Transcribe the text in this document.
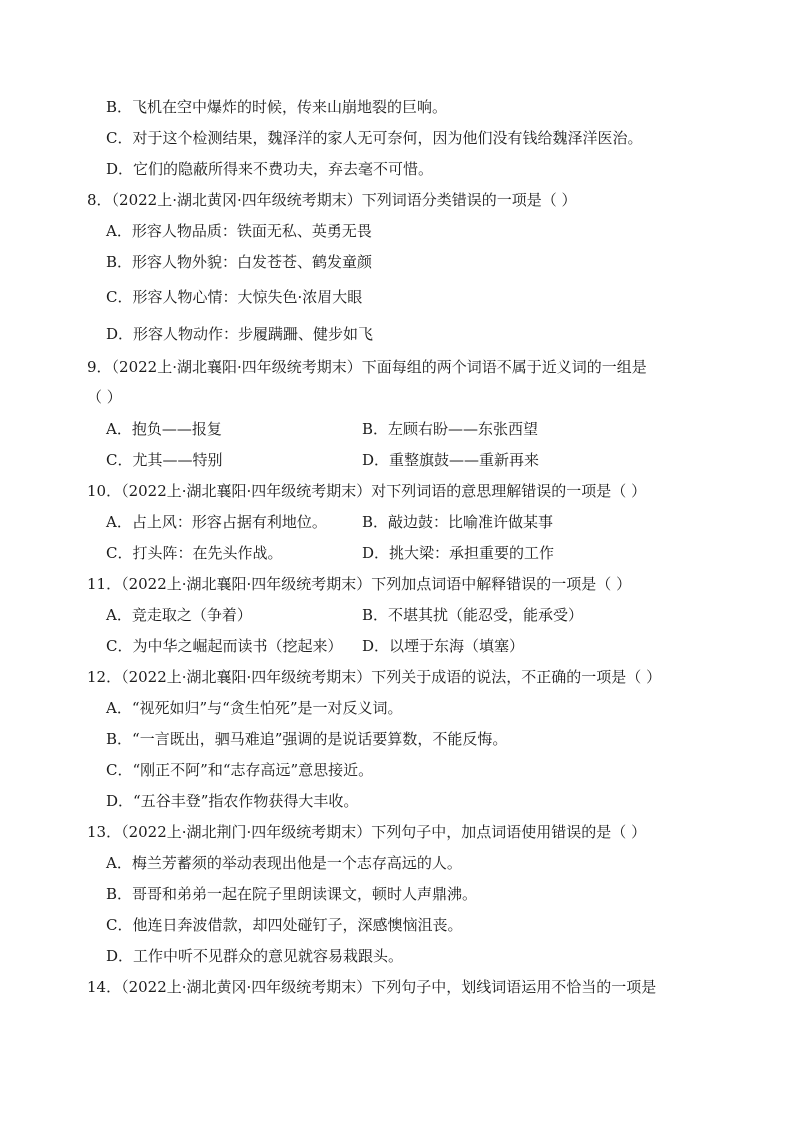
B．飞机在空中爆炸的时候，传来山崩地裂的巨响。
C．对于这个检测结果，魏泽洋的家人无可奈何，因为他们没有钱给魏泽洋医治。
D．它们的隐蔽所得来不费功夫，弃去毫不可惜。
8．（2022上·湖北黄冈·四年级统考期末）下列词语分类错误的一项是（ ）
A．形容人物品质：铁面无私、英勇无畏
B．形容人物外貌：白发苍苍、鹤发童颜
C．形容人物心情：大惊失色·浓眉大眼
D．形容人物动作：步履蹒跚、健步如飞
9．（2022上·湖北襄阳·四年级统考期末）下面每组的两个词语不属于近义词的一组是
（ ）
A．抱负——报复	B．左顾右盼——东张西望
C．尤其——特别	D．重整旗鼓——重新再来
10．（2022上·湖北襄阳·四年级统考期末）对下列词语的意思理解错误的一项是（ ）
A．占上风：形容占据有利地位。 B．敲边鼓：比喻准许做某事
C．打头阵：在先头作战。	D．挑大梁：承担重要的工作
11．（2022上·湖北襄阳·四年级统考期末）下列加点词语中解释错误的一项是（ ）
A．竞走取之（争着）	B．不堪其扰（能忍受，能承受）
C．为中华之崛起而读书（挖起来） D．以堙于东海（填塞）
12．（2022上·湖北襄阳·四年级统考期末）下列关于成语的说法，不正确的一项是（ ）
A．“视死如归”与“贪生怕死”是一对反义词。
B．“一言既出，驷马难追”强调的是说话要算数，不能反悔。
C．“刚正不阿”和“志存高远”意思接近。
D．“五谷丰登”指农作物获得大丰收。
13．（2022上·湖北荆门·四年级统考期末）下列句子中，加点词语使用错误的是（ ）
A．梅兰芳蓄须的举动表现出他是一个志存高远的人。
B．哥哥和弟弟一起在院子里朗读课文，顿时人声鼎沸。
C．他连日奔波借款，却四处碰钉子，深感懊恼沮丧。
D．工作中听不见群众的意见就容易栽跟头。
14．（2022上·湖北黄冈·四年级统考期末）下列句子中，划线词语运用不恰当的一项是
